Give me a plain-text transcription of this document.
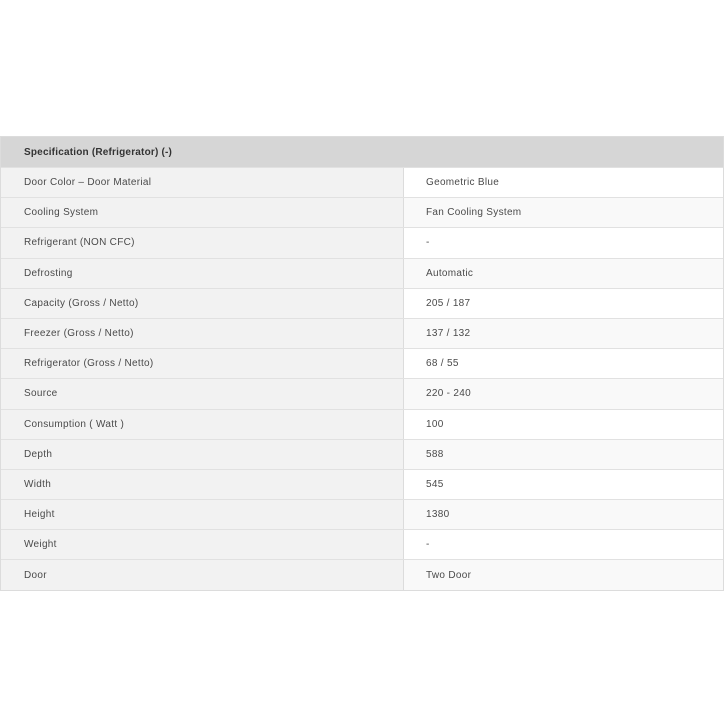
Specification (Refrigerator) (-)
Door Color – Door Material	Geometric Blue
Cooling System	Fan Cooling System
Refrigerant (NON CFC)	-
Defrosting	Automatic
Capacity (Gross / Netto)	205 / 187
Freezer (Gross / Netto)	137 / 132
Refrigerator (Gross / Netto)	68 / 55
Source	220 - 240
Consumption ( Watt )	100
Depth	588
Width	545
Height	1380
Weight	-
Door	Two Door
